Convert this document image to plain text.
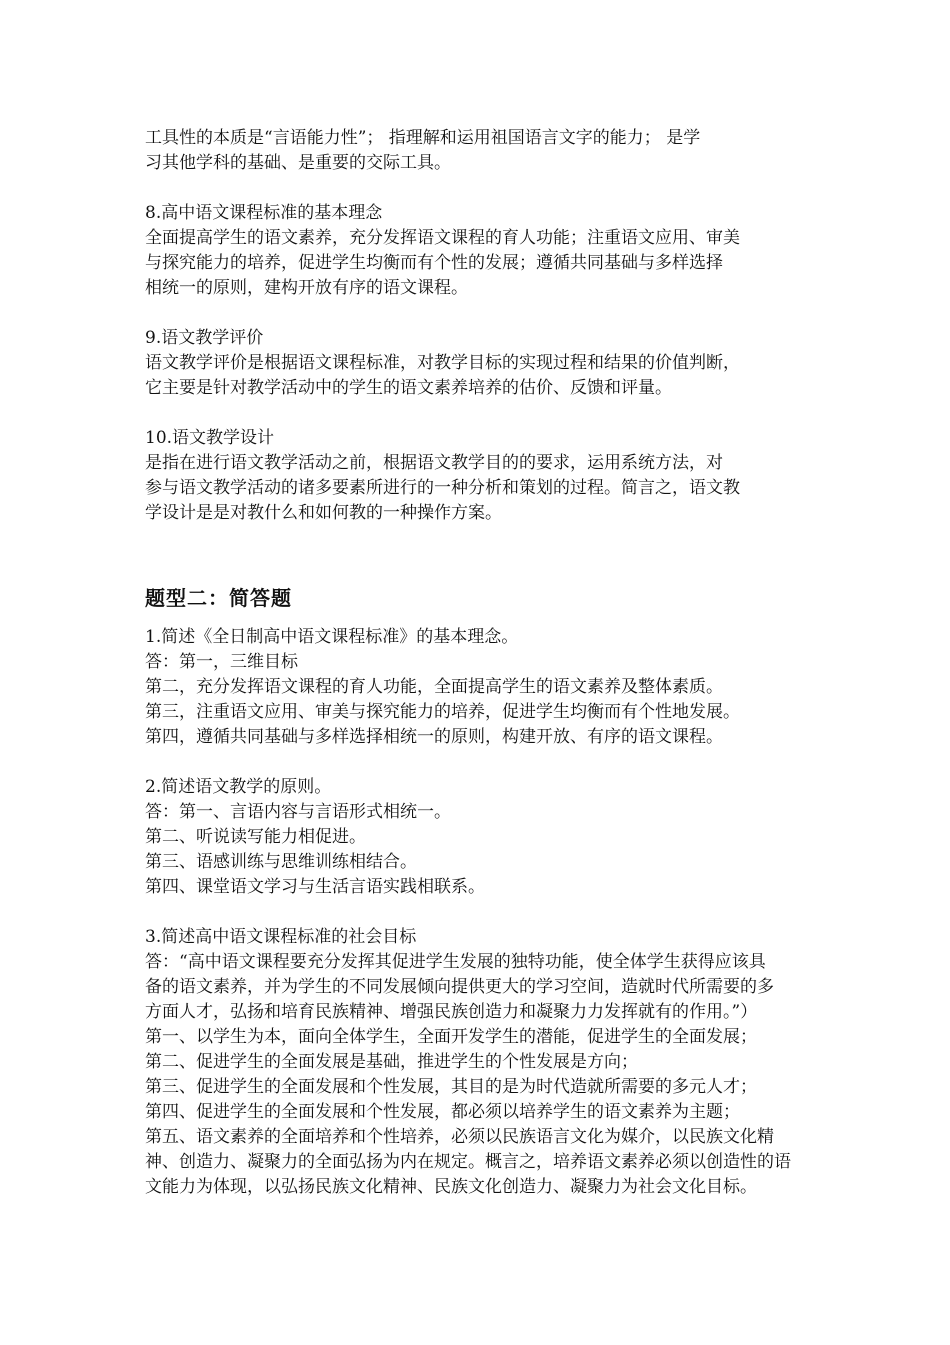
工具性的本质是“言语能力性”； 指理解和运用祖国语言文字的能力； 是学

习其他学科的基础、是重要的交际工具。

8.高中语文课程标准的基本理念

全面提高学生的语文素养，充分发挥语文课程的育人功能；注重语文应用、审美

与探究能力的培养，促进学生均衡而有个性的发展；遵循共同基础与多样选择

相统一的原则，建构开放有序的语文课程。

9.语文教学评价

语文教学评价是根据语文课程标准，对教学目标的实现过程和结果的价值判断，

它主要是针对教学活动中的学生的语文素养培养的估价、反馈和评量。

10.语文教学设计

是指在进行语文教学活动之前，根据语文教学目的的要求，运用系统方法，对

参与语文教学活动的诸多要素所进行的一种分析和策划的过程。简言之，语文教

学设计是是对教什么和如何教的一种操作方案。

题型二：简答题

1.简述《全日制高中语文课程标准》的基本理念。

答：第一，三维目标

第二，充分发挥语文课程的育人功能，全面提高学生的语文素养及整体素质。

第三，注重语文应用、审美与探究能力的培养，促进学生均衡而有个性地发展。

第四，遵循共同基础与多样选择相统一的原则，构建开放、有序的语文课程。

2.简述语文教学的原则。

答：第一、言语内容与言语形式相统一。

第二、听说读写能力相促进。

第三、语感训练与思维训练相结合。

第四、课堂语文学习与生活言语实践相联系。

3.简述高中语文课程标准的社会目标

答：“高中语文课程要充分发挥其促进学生发展的独特功能，使全体学生获得应该具

备的语文素养，并为学生的不同发展倾向提供更大的学习空间，造就时代所需要的多

方面人才，弘扬和培育民族精神、增强民族创造力和凝聚力力发挥就有的作用。”）

第一、以学生为本，面向全体学生，全面开发学生的潜能，促进学生的全面发展；

第二、促进学生的全面发展是基础，推进学生的个性发展是方向；

第三、促进学生的全面发展和个性发展，其目的是为时代造就所需要的多元人才；

第四、促进学生的全面发展和个性发展，都必须以培养学生的语文素养为主题；

第五、语文素养的全面培养和个性培养，必须以民族语言文化为媒介，以民族文化精

神、创造力、凝聚力的全面弘扬为内在规定。概言之，培养语文素养必须以创造性的语

文能力为体现，以弘扬民族文化精神、民族文化创造力、凝聚力为社会文化目标。
